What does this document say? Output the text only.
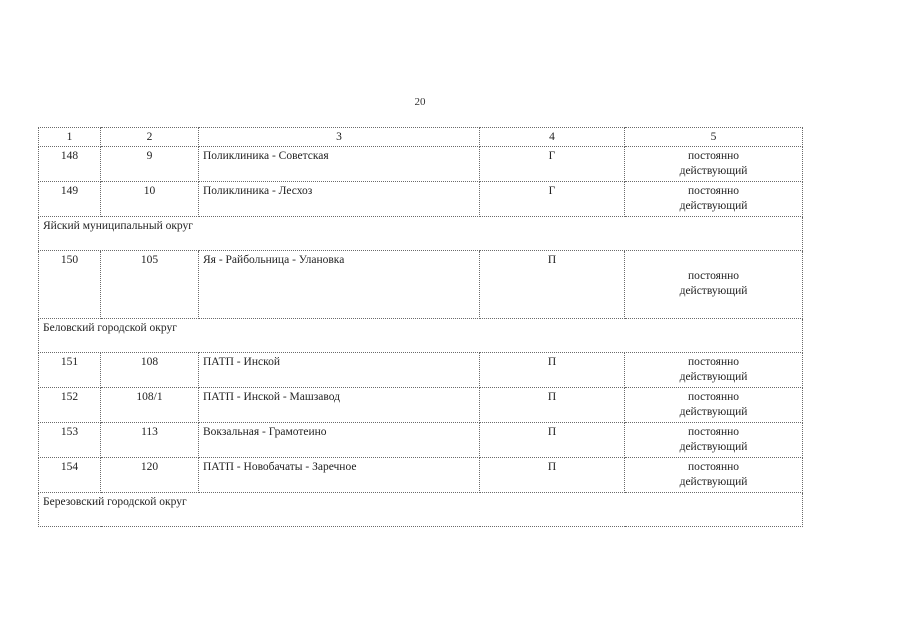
20
1	2	3	4	5
148	9	Поликлиника - Советская	Г	постоянно
действующий
149	10	Поликлиника - Лесхоз	Г	постоянно
действующий
Яйский муниципальный округ				
150	105	Яя - Райбольница - Улановка	П	постоянно
действующий
Беловский городской округ				
151	108	ПАТП - Инской	П	постоянно
действующий
152	108/1	ПАТП - Инской - Машзавод	П	постоянно
действующий
153	113	Вокзальная - Грамотеино	П	постоянно
действующий
154	120	ПАТП - Новобачаты - Заречное	П	постоянно
действующий
Березовский городской округ				
